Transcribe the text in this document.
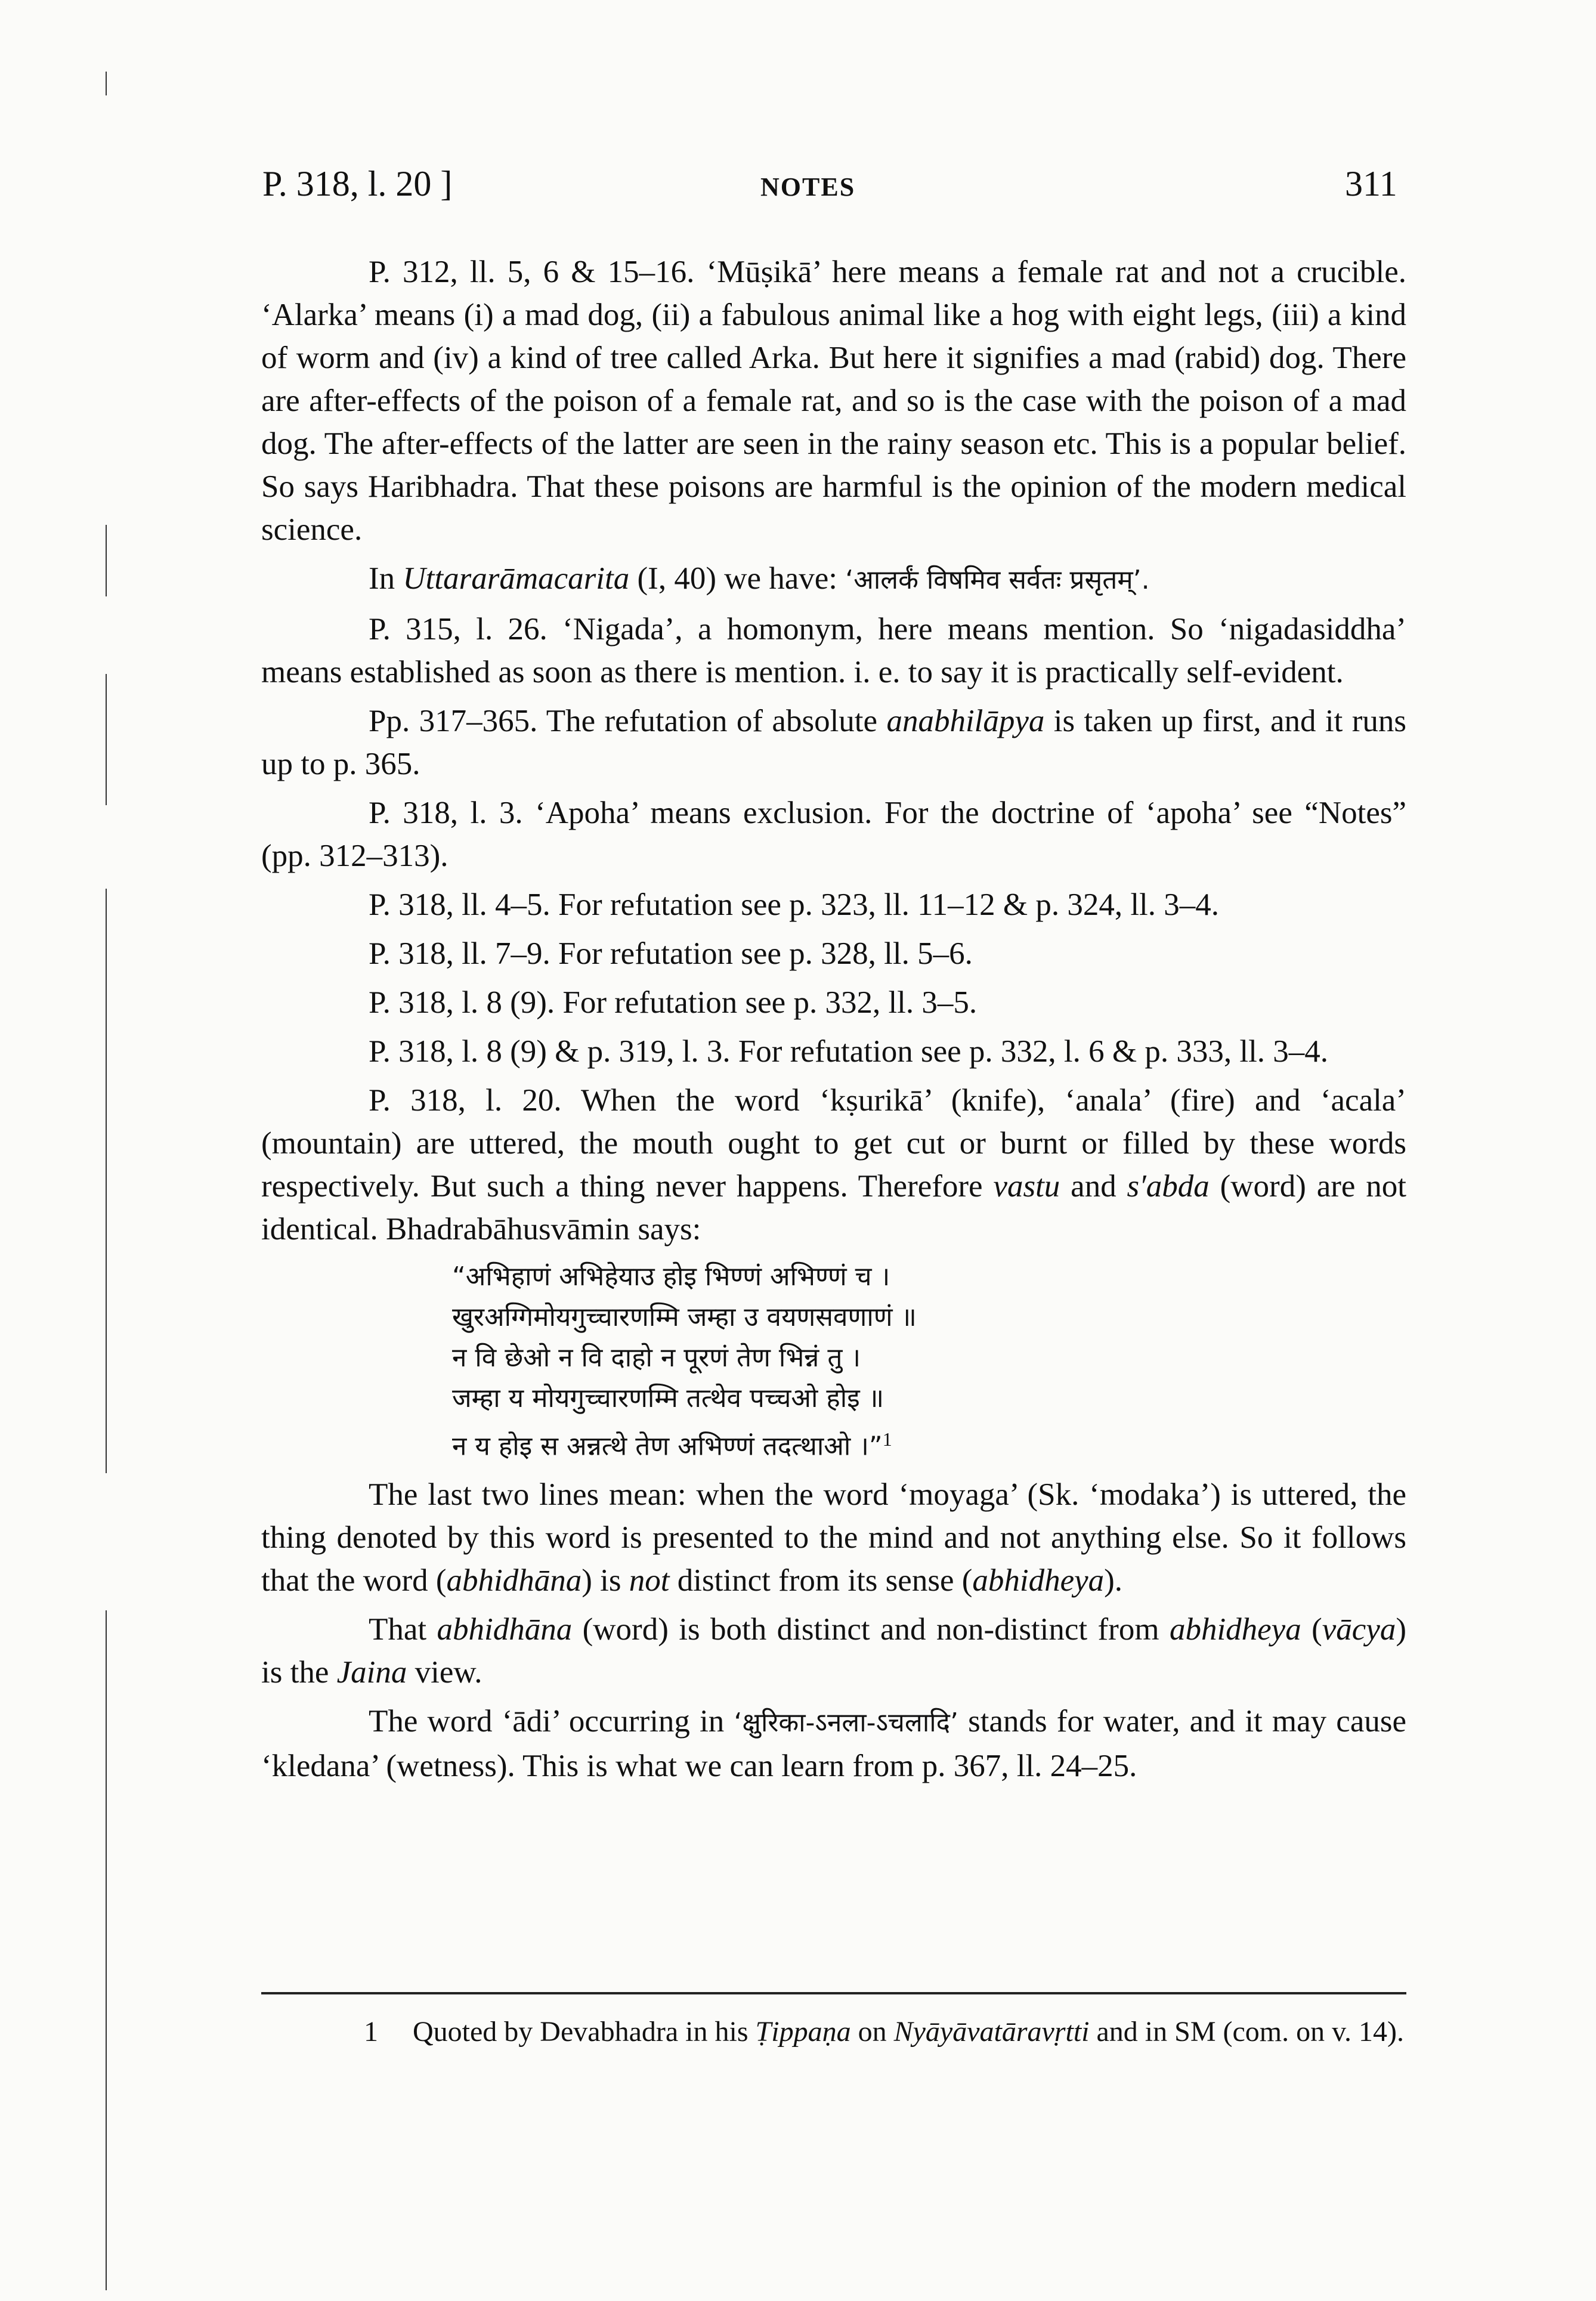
P. 318, l. 20 ]	NOTES	311

P. 312, ll. 5, 6 & 15–16. ‘Mūṣikā’ here means a female rat and not a crucible. ‘Alarka’ means (i) a mad dog, (ii) a fabulous animal like a hog with eight legs, (iii) a kind of worm and (iv) a kind of tree called Arka. But here it signifies a mad (rabid) dog. There are after-effects of the poison of a female rat, and so is the case with the poison of a mad dog. The after-effects of the latter are seen in the rainy season etc. This is a popular belief. So says Haribhadra. That these poisons are harmful is the opinion of the modern medical science.

In Uttararāmacarita (I, 40) we have: ‘आलर्कं विषमिव सर्वतः प्रसृतम्’.

P. 315, l. 26. ‘Nigada’, a homonym, here means mention. So ‘nigadasiddha’ means established as soon as there is mention. i. e. to say it is practically self-evident.

Pp. 317–365. The refutation of absolute anabhilāpya is taken up first, and it runs up to p. 365.

P. 318, l. 3. ‘Apoha’ means exclusion. For the doctrine of ‘apoha’ see “Notes” (pp. 312–313).

P. 318, ll. 4–5. For refutation see p. 323, ll. 11–12 & p. 324, ll. 3–4.

P. 318, ll. 7–9. For refutation see p. 328, ll. 5–6.

P. 318, l. 8 (9). For refutation see p. 332, ll. 3–5.

P. 318, l. 8 (9) & p. 319, l. 3. For refutation see p. 332, l. 6 & p. 333, ll. 3–4.

P. 318, l. 20. When the word ‘kṣurikā’ (knife), ‘anala’ (fire) and ‘acala’ (mountain) are uttered, the mouth ought to get cut or burnt or filled by these words respectively. But such a thing never happens. Therefore vastu and s′abda (word) are not identical. Bhadrabāhusvāmin says:

“अभिहाणं अभिहेयाउ होइ भिण्णं अभिण्णं च ।
खुरअग्गिमोयगुच्चारणम्मि जम्हा उ वयणसवणाणं ॥
न वि छेओ न वि दाहो न पूरणं तेण भिन्नं तु ।
जम्हा य मोयगुच्चारणम्मि तत्थेव पच्चओ होइ ॥
न य होइ स अन्नत्थे तेण अभिण्णं तदत्थाओ ।”$^1$

The last two lines mean: when the word ‘moyaga’ (Sk. ‘modaka’) is uttered, the thing denoted by this word is presented to the mind and not anything else. So it follows that the word (abhidhāna) is not distinct from its sense (abhidheya).

That abhidhāna (word) is both distinct and non-distinct from abhidheya (vācya) is the Jaina view.

The word ‘ādi’ occurring in ‘क्षुरिका-ऽनला-ऽचलादि’ stands for water, and it may cause ‘kledana’ (wetness). This is what we can learn from p. 367, ll. 24–25.

1 Quoted by Devabhadra in his Ṭippaṇa on Nyāyāvatāravṛtti and in SM (com. on v. 14).
